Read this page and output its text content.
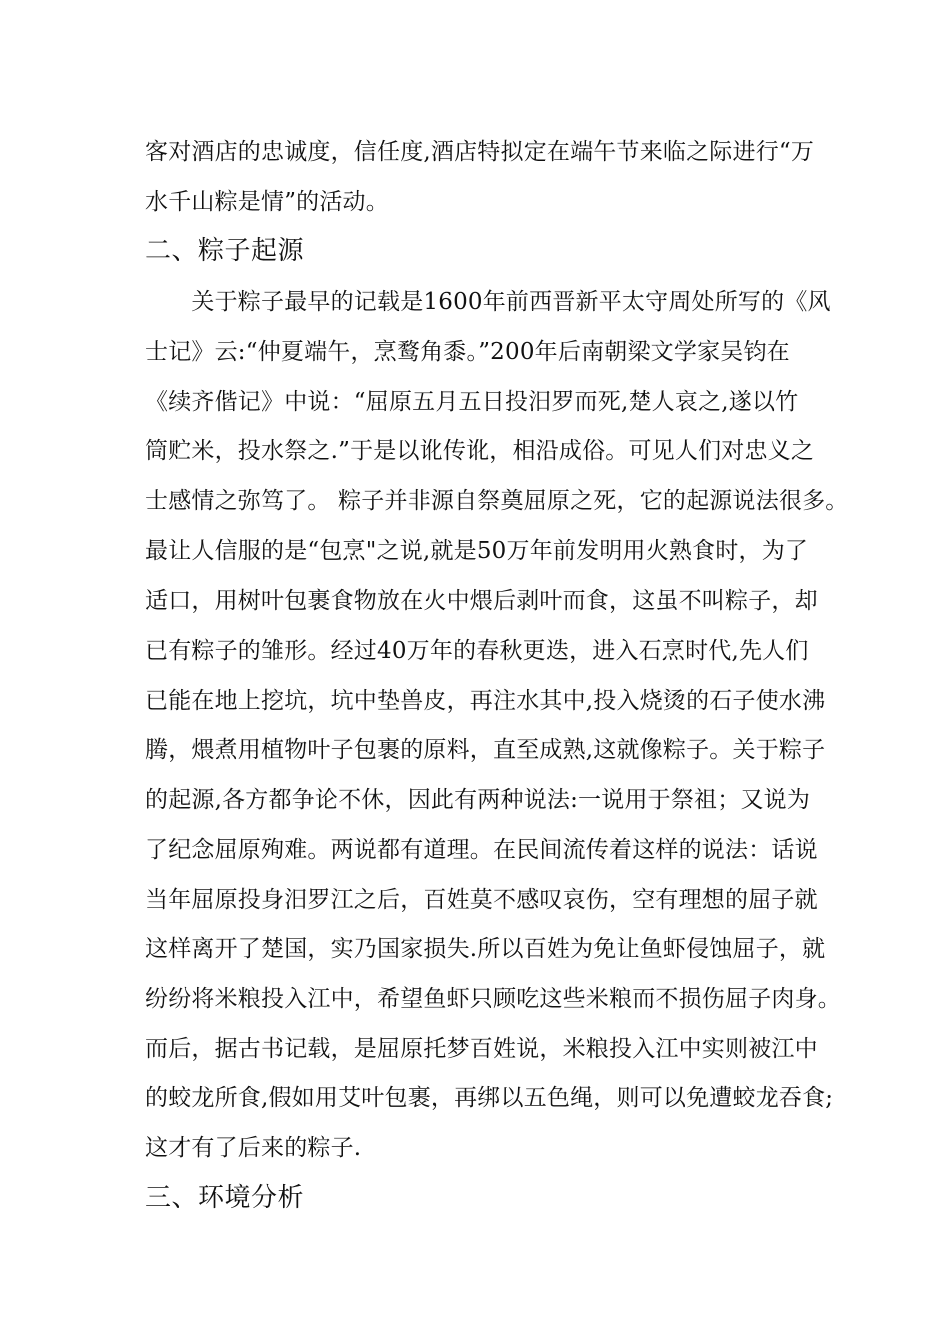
客对酒店的忠诚度，信任度,酒店特拟定在端午节来临之际进行“万
水千山粽是情”的活动。
二、粽子起源
　　关于粽子最早的记载是1600年前西晋新平太守周处所写的《风
士记》云:“仲夏端午，烹鹜角黍。”200年后南朝梁文学家吴钧在
《续齐偕记》中说：“屈原五月五日投汨罗而死,楚人哀之,遂以竹
筒贮米，投水祭之.”于是以讹传讹，相沿成俗。可见人们对忠义之
士感情之弥笃了。 粽子并非源自祭奠屈原之死，它的起源说法很多。
最让人信服的是“包烹"之说,就是50万年前发明用火熟食时，为了
适口，用树叶包裹食物放在火中煨后剥叶而食，这虽不叫粽子，却
已有粽子的雏形。经过40万年的春秋更迭，进入石烹时代,先人们
已能在地上挖坑，坑中垫兽皮，再注水其中,投入烧烫的石子使水沸
腾，煨煮用植物叶子包裹的原料，直至成熟,这就像粽子。关于粽子
的起源,各方都争论不休，因此有两种说法:一说用于祭祖；又说为
了纪念屈原殉难。两说都有道理。在民间流传着这样的说法：话说
当年屈原投身汨罗江之后，百姓莫不感叹哀伤，空有理想的屈子就
这样离开了楚国，实乃国家损失.所以百姓为免让鱼虾侵蚀屈子，就
纷纷将米粮投入江中，希望鱼虾只顾吃这些米粮而不损伤屈子肉身。
而后，据古书记载，是屈原托梦百姓说，米粮投入江中实则被江中
的蛟龙所食,假如用艾叶包裹，再绑以五色绳，则可以免遭蛟龙吞食;
这才有了后来的粽子.
三、环境分析
